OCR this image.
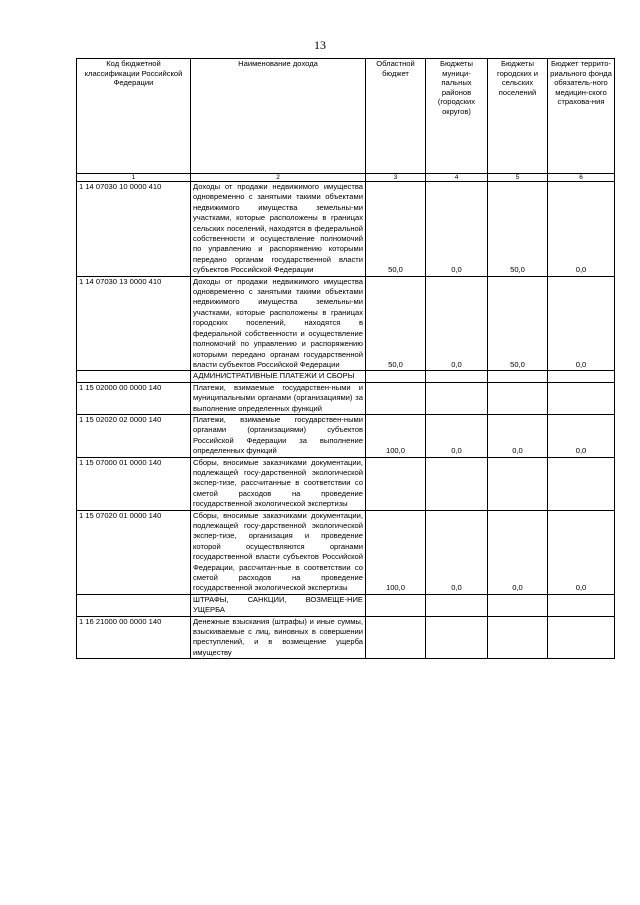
13
Код бюджетной классификации Российской Федерации	Наименование дохода	Областной бюджет	Бюджеты муници-пальных районов (городских округов)	Бюджеты городских и сельских поселений	Бюджет террито-риального фонда обязатель-ного медицин-ского страхова-ния
1	2	3	4	5	6
1 14 07030 10 0000 410	Доходы от продажи недвижимого имущества одновременно с занятыми такими объектами недвижимого имущества земельны-ми участками, которые расположены в границах сельских поселений, находятся в федеральной собственности и осуществление полномочий по управлению и распоряжению которыми передано органам государственной власти субъектов Российской Федерации	50,0	0,0	50,0	0,0
1 14 07030 13 0000 410	Доходы от продажи недвижимого имущества одновременно с занятыми такими объектами недвижимого имущества земельны-ми участками, которые расположены в границах городских поселений, находятся в федеральной собственности и осуществление полномочий по управлению и распоряжению которыми передано органам государственной власти субъектов Российской Федерации	50,0	0,0	50,0	0,0
	АДМИНИСТРАТИВНЫЕ ПЛАТЕЖИ И СБОРЫ				
1 15 02000 00 0000 140	Платежи, взимаемые государствен-ными и муниципальными органами (организациями) за выполнение определенных функций				
1 15 02020 02 0000 140	Платежи, взимаемые государствен-ными органами (организациями) субъектов Российской Федерации за выполнение определенных функций	100,0	0,0	0,0	0,0
1 15 07000 01 0000 140	Сборы, вносимые заказчиками документации, подлежащей госу-дарственной экологической экспер-тизе, рассчитанные в соответствии со сметой расходов на проведение государственной экологической экспертизы				
1 15 07020 01 0000 140	Сборы, вносимые заказчиками документации, подлежащей госу-дарственной экологической экспер-тизе, организация и проведение которой осуществляются органами государственной власти субъектов Российской Федерации, рассчитан-ные в соответствии со сметой расходов на проведение государственной экологической экспертизы	100,0	0,0	0,0	0,0
	ШТРАФЫ, САНКЦИИ, ВОЗМЕЩЕ-НИЕ УЩЕРБА				
1 16 21000 00 0000 140	Денежные взыскания (штрафы) и иные суммы, взыскиваемые с лиц, виновных в совершении преступлений, и в возмещение ущерба имуществу				
